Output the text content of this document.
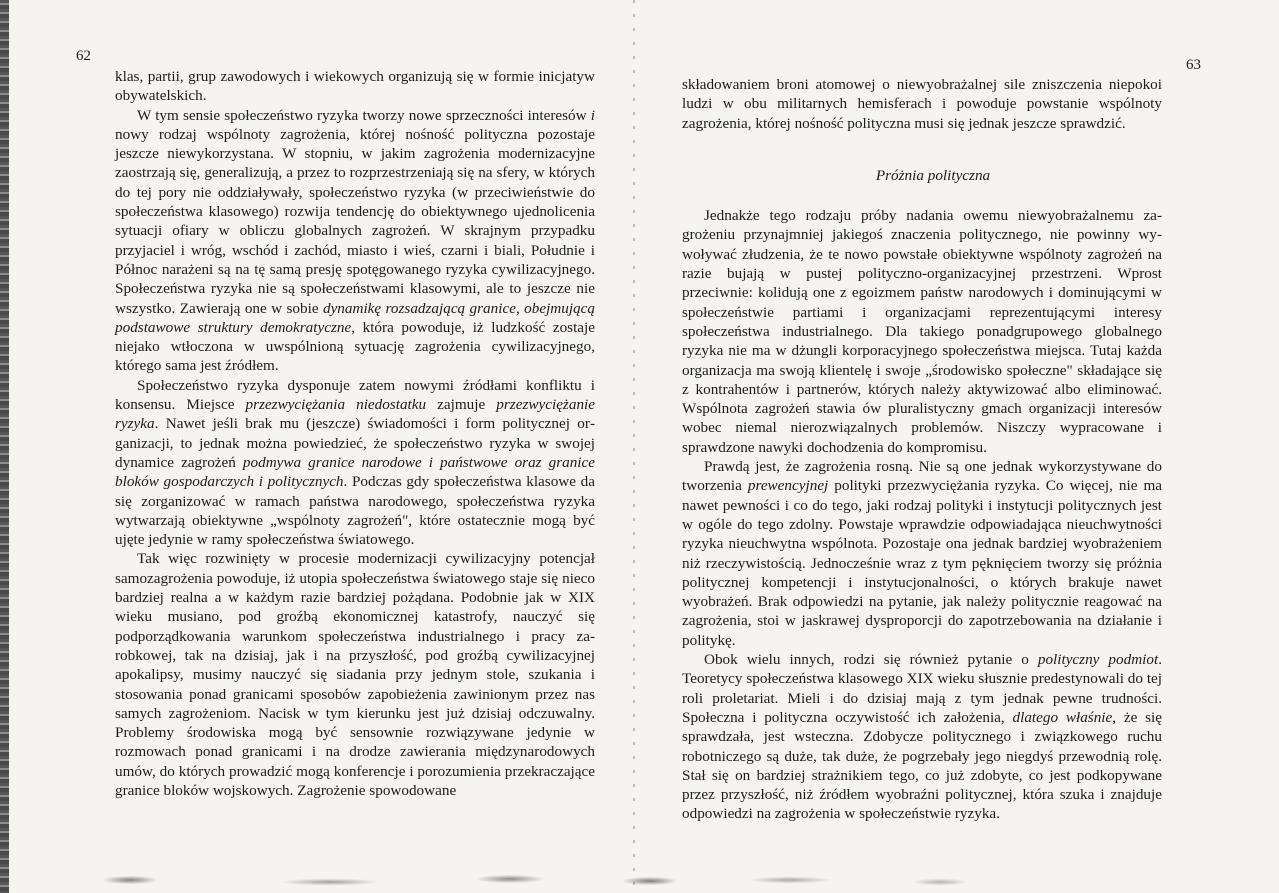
62
63

klas, partii, grup zawodowych i wiekowych organizują się w formie inicjatyw obywatelskich.

W tym sensie społeczeństwo ryzyka tworzy nowe sprzeczności interesów i nowy rodzaj wspólnoty zagrożenia, której nośność polityczna pozostaje jeszcze niewykorzystana. W stopniu, w jakim zagrożenia modernizacyjne zaostrzają się, generalizują, a przez to rozprzestrzeniają się na sfery, w których do tej pory nie oddziaływały, społeczeństwo ryzyka (w przeciwieństwie do społeczeństwa klasowego) rozwija tendencję do obiektywnego ujednolicenia sytuacji ofiary w obliczu globalnych zagrożeń. W skrajnym przypadku przyjaciel i wróg, wschód i zachód, miasto i wieś, czarni i biali, Południe i Północ narażeni są na tę samą presję spotęgowanego ryzyka cywilizacyjnego. Społeczeństwa ryzyka nie są społeczeństwami klasowymi, ale to jeszcze nie wszystko. Zawierają one w sobie dynamikę rozsadzającą granice, obejmującą podstawowe struktury demokratyczne, która powoduje, iż ludzkość zostaje niejako wtłoczona w uwspólnioną sytuację zagrożenia cywilizacyjnego, którego sama jest źródłem.

Społeczeństwo ryzyka dysponuje zatem nowymi źródłami konfliktu i konsensu. Miejsce przezwyciężania niedostatku zajmuje przezwyciężanie ryzyka. Nawet jeśli brak mu (jeszcze) świadomości i form politycznej organizacji, to jednak można powiedzieć, że społeczeństwo ryzyka w swojej dynamice zagrożeń podmywa granice narodowe i państwowe oraz granice bloków gospodarczych i politycznych. Podczas gdy społeczeństwa klasowe da się zorganizować w ramach państwa narodowego, społeczeństwa ryzyka wytwarzają obiektywne „wspólnoty zagrożeń", które ostatecznie mogą być ujęte jedynie w ramy społeczeństwa światowego.

Tak więc rozwinięty w procesie modernizacji cywilizacyjny potencjał samozagrożenia powoduje, iż utopia społeczeństwa światowego staje się nieco bardziej realna a w każdym razie bardziej pożądana. Podobnie jak w XIX wieku musiano, pod groźbą ekonomicznej katastrofy, nauczyć się podporządkowania warunkom społeczeństwa industrialnego i pracy zarobkowej, tak na dzisiaj, jak i na przyszłość, pod groźbą cywilizacyjnej apokalipsy, musimy nauczyć się siadania przy jednym stole, szukania i stosowania ponad granicami sposobów zapobieżenia zawinionym przez nas samych zagrożeniom. Nacisk w tym kierunku jest już dzisiaj odczuwalny. Problemy środowiska mogą być sensownie rozwiązywane jedynie w rozmowach ponad granicami i na drodze zawierania międzynarodowych umów, do których prowadzić mogą konferencje i porozumienia przekraczające granice bloków wojskowych. Zagrożenie spowodowane

składowaniem broni atomowej o niewyobrażalnej sile zniszczenia niepokoi ludzi w obu militarnych hemisferach i powoduje powstanie wspólnoty zagrożenia, której nośność polityczna musi się jednak jeszcze sprawdzić.

Próżnia polityczna

Jednakże tego rodzaju próby nadania owemu niewyobrażalnemu zagrożeniu przynajmniej jakiegoś znaczenia politycznego, nie powinny wywoływać złudzenia, że te nowo powstałe obiektywne wspólnoty zagrożeń na razie bujają w pustej polityczno-organizacyjnej przestrzeni. Wprost przeciwnie: kolidują one z egoizmem państw narodowych i dominującymi w społeczeństwie partiami i organizacjami reprezentującymi interesy społeczeństwa industrialnego. Dla takiego ponadgrupowego globalnego ryzyka nie ma w dżungli korporacyjnego społeczeństwa miejsca. Tutaj każda organizacja ma swoją klientelę i swoje „środowisko społeczne" składające się z kontrahentów i partnerów, których należy aktywizować albo eliminować. Wspólnota zagrożeń stawia ów pluralistyczny gmach organizacji interesów wobec niemal nierozwiązalnych problemów. Niszczy wypracowane i sprawdzone nawyki dochodzenia do kompromisu.

Prawdą jest, że zagrożenia rosną. Nie są one jednak wykorzystywane do tworzenia prewencyjnej polityki przezwyciężania ryzyka. Co więcej, nie ma nawet pewności i co do tego, jaki rodzaj polityki i instytucji politycznych jest w ogóle do tego zdolny. Powstaje wprawdzie odpowiadająca nieuchwytności ryzyka nieuchwytna wspólnota. Pozostaje ona jednak bardziej wyobrażeniem niż rzeczywistością. Jednocześnie wraz z tym pęknięciem tworzy się próżnia politycznej kompetencji i instytucjonalności, o których brakuje nawet wyobrażeń. Brak odpowiedzi na pytanie, jak należy politycznie reagować na zagrożenia, stoi w jaskrawej dysproporcji do zapotrzebowania na działanie i politykę.

Obok wielu innych, rodzi się również pytanie o polityczny podmiot. Teoretycy społeczeństwa klasowego XIX wieku słusznie predestynowali do tej roli proletariat. Mieli i do dzisiaj mają z tym jednak pewne trudności. Społeczna i polityczna oczywistość ich założenia, dlatego właśnie, że się sprawdzała, jest wsteczna. Zdobycze politycznego i związkowego ruchu robotniczego są duże, tak duże, że pogrzebały jego niegdyś przewodnią rolę. Stał się on bardziej strażnikiem tego, co już zdobyte, co jest podkopywane przez przyszłość, niż źródłem wyobraźni politycznej, która szuka i znajduje odpowiedzi na zagrożenia w społeczeństwie ryzyka.
